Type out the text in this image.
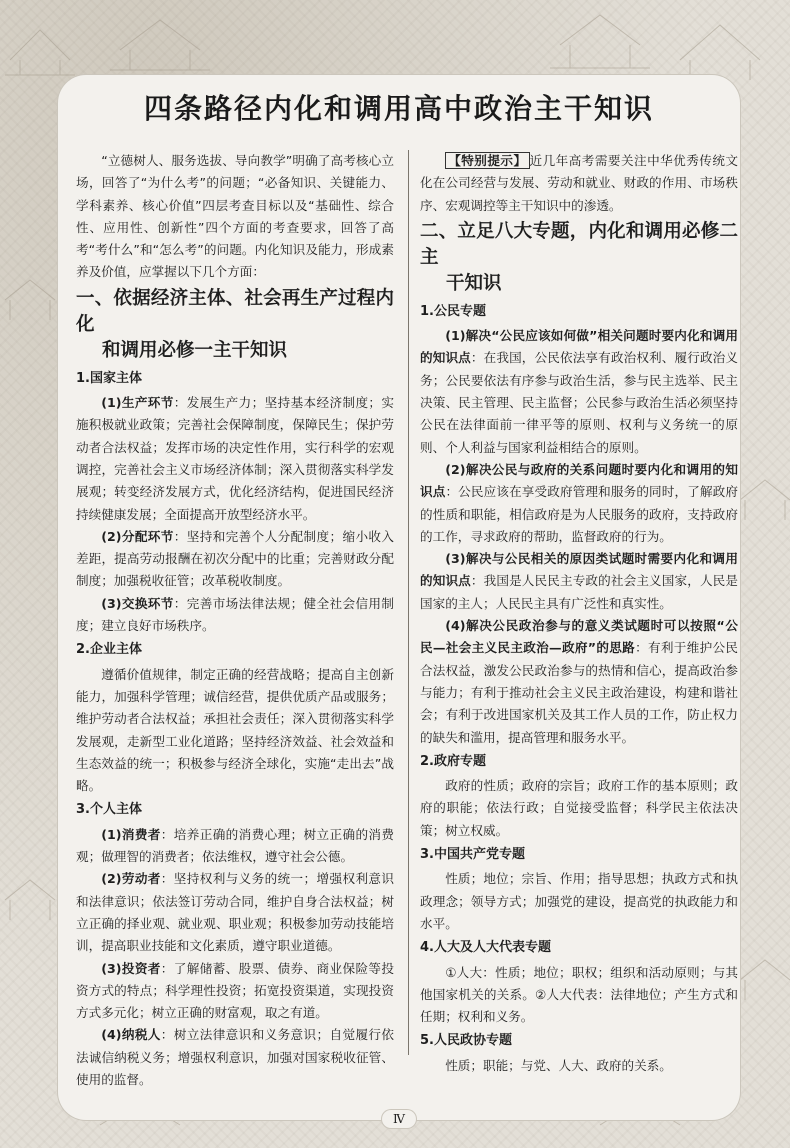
四条路径内化和调用高中政治主干知识

“立德树人、服务选拔、导向教学”明确了高考核心立场，回答了“为什么考”的问题；“必备知识、关键能力、学科素养、核心价值”四层考查目标以及“基础性、综合性、应用性、创新性”四个方面的考查要求，回答了高考“考什么”和“怎么考”的问题。内化知识及能力，形成素养及价值，应掌握以下几个方面：

一、依据经济主体、社会再生产过程内化
和调用必修一主干知识
1.国家主体

(1)生产环节：发展生产力；坚持基本经济制度；实施积极就业政策；完善社会保障制度，保障民生；保护劳动者合法权益；发挥市场的决定性作用，实行科学的宏观调控，完善社会主义市场经济体制；深入贯彻落实科学发展观；转变经济发展方式，优化经济结构，促进国民经济持续健康发展；全面提高开放型经济水平。

(2)分配环节：坚持和完善个人分配制度；缩小收入差距，提高劳动报酬在初次分配中的比重；完善财政分配制度；加强税收征管；改革税收制度。

(3)交换环节：完善市场法律法规；健全社会信用制度；建立良好市场秩序。

2.企业主体

遵循价值规律，制定正确的经营战略；提高自主创新能力，加强科学管理；诚信经营，提供优质产品或服务；维护劳动者合法权益；承担社会责任；深入贯彻落实科学发展观，走新型工业化道路；坚持经济效益、社会效益和生态效益的统一；积极参与经济全球化，实施“走出去”战略。

3.个人主体

(1)消费者：培养正确的消费心理；树立正确的消费观；做理智的消费者；依法维权，遵守社会公德。

(2)劳动者：坚持权利与义务的统一；增强权利意识和法律意识；依法签订劳动合同，维护自身合法权益；树立正确的择业观、就业观、职业观；积极参加劳动技能培训，提高职业技能和文化素质，遵守职业道德。

(3)投资者：了解储蓄、股票、债券、商业保险等投资方式的特点；科学理性投资；拓宽投资渠道，实现投资方式多元化；树立正确的财富观，取之有道。

(4)纳税人：树立法律意识和义务意识；自觉履行依法诚信纳税义务；增强权利意识，加强对国家税收征管、使用的监督。

【特别提示】 近几年高考需要关注中华优秀传统文化在公司经营与发展、劳动和就业、财政的作用、市场秩序、宏观调控等主干知识中的渗透。

二、立足八大专题，内化和调用必修二主
干知识
1.公民专题

(1)解决“公民应该如何做”相关问题时要内化和调用的知识点：在我国，公民依法享有政治权利、履行政治义务；公民要依法有序参与政治生活，参与民主选举、民主决策、民主管理、民主监督；公民参与政治生活必须坚持公民在法律面前一律平等的原则、权利与义务统一的原则、个人利益与国家利益相结合的原则。

(2)解决公民与政府的关系问题时要内化和调用的知识点：公民应该在享受政府管理和服务的同时，了解政府的性质和职能，相信政府是为人民服务的政府，支持政府的工作，寻求政府的帮助，监督政府的行为。

(3)解决与公民相关的原因类试题时需要内化和调用的知识点：我国是人民民主专政的社会主义国家，人民是国家的主人；人民民主具有广泛性和真实性。

(4)解决公民政治参与的意义类试题时可以按照“公民—社会主义民主政治—政府”的思路：有利于维护公民合法权益，激发公民政治参与的热情和信心，提高政治参与能力；有利于推动社会主义民主政治建设，构建和谐社会；有利于改进国家机关及其工作人员的工作，防止权力的缺失和滥用，提高管理和服务水平。

2.政府专题

政府的性质；政府的宗旨；政府工作的基本原则；政府的职能；依法行政；自觉接受监督；科学民主依法决策；树立权威。

3.中国共产党专题

性质；地位；宗旨、作用；指导思想；执政方式和执政理念；领导方式；加强党的建设，提高党的执政能力和水平。

4.人大及人大代表专题

①人大：性质；地位；职权；组织和活动原则；与其他国家机关的关系。②人大代表：法律地位；产生方式和任期；权利和义务。

5.人民政协专题

性质；职能；与党、人大、政府的关系。

Ⅳ
